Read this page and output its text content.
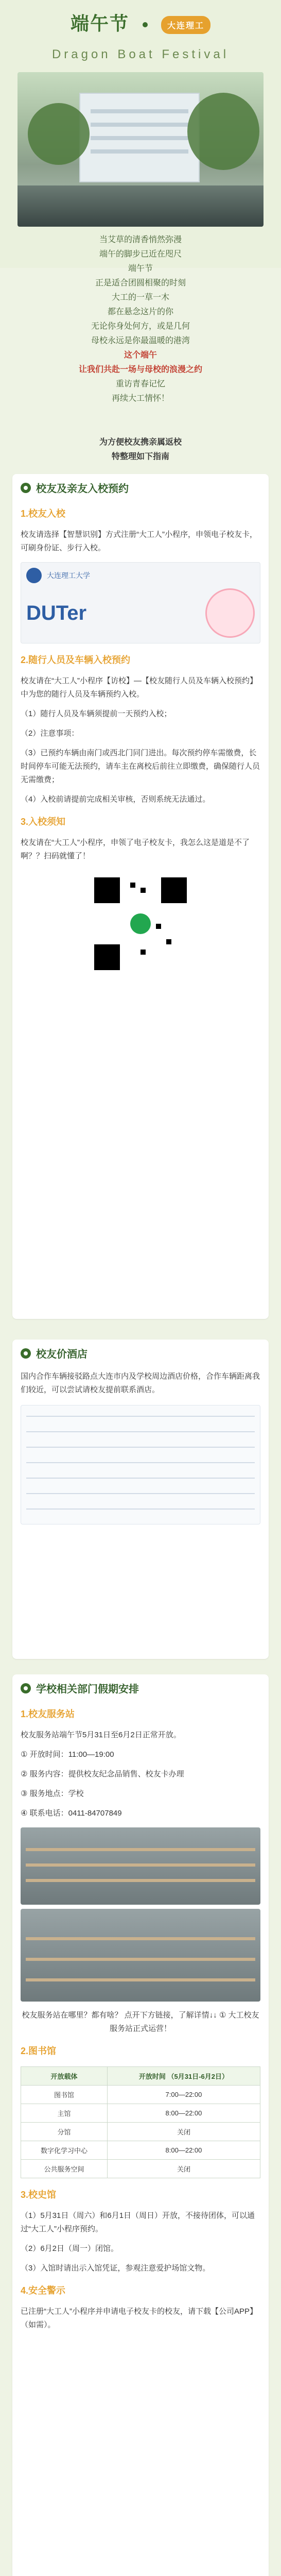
端午节	大连理工
Dragon Boat Festival
当艾草的清香悄然弥漫
端午的脚步已近在咫尺
端午节
正是适合团圆相聚的时刻
大工的一草一木
都在悬念这片的你
无论你身处何方，或是几何
母校永远是你最温暖的港湾
这个端午
让我们共赴一场与母校的浪漫之约
重访青春记忆
再续大工情怀！
为方便校友携亲属返校
特整理如下指南
校友及亲友入校预约
1.校友入校
校友请选择【智慧识别】方式注册“大工人”小程序，申领电子校友卡，可刷身份证、步行入校。
大连理工大学
DUTer
2.随行人员及车辆入校预约
校友请在“大工人”小程序【访校】—【校友随行人员及车辆入校预约】中为您的随行人员及车辆预约入校。
（1）随行人员及车辆须提前一天预约入校；
（2）注意事项：
（3）已预约车辆由南门或西北门同门进出。每次预约停车需缴费，长时间停车可能无法预约，请车主在离校后前往立即缴费，确保随行人员无需缴费；
（4）入校前请提前完成相关审核，否则系统无法通过。
3.入校须知
校友请在“大工人”小程序，申领了电子校友卡，我怎么这是道是不了啊？？扫码就懂了！
校友价酒店
国内合作车辆接驳路点大连市内及学校周边酒店价格，合作车辆距离我们较近，可以尝试请校友提前联系酒店。
学校相关部门假期安排
1.校友服务站
校友服务站端午节5月31日至6月2日正常开放。
① 开放时间：11:00—19:00
② 服务内容：提供校友纪念品销售、校友卡办理
③ 服务地点：学校
④ 联系电话：0411-84707849
校友服务站在哪里？都有啥？ 点开下方链接，了解详情↓↓ ① 大工校友服务站正式运营！
2.图书馆
开放载体	开放时间 （5月31日-6月2日）
图书馆	7:00—22:00
主馆	8:00—22:00
分馆	关闭
数字化学习中心	8:00—22:00
公共服务空间	关闭
3.校史馆
（1）5月31日（周六）和6月1日（周日）开放，不接待团体，可以通过“大工人”小程序预约。
（2）6月2日（周一）闭馆。
（3）入馆时请出示入馆凭证，参观注意爱护场馆文物。
4.安全警示
已注册“大工人”小程序并申请电子校友卡的校友，请下载【公司APP】（如需）。
